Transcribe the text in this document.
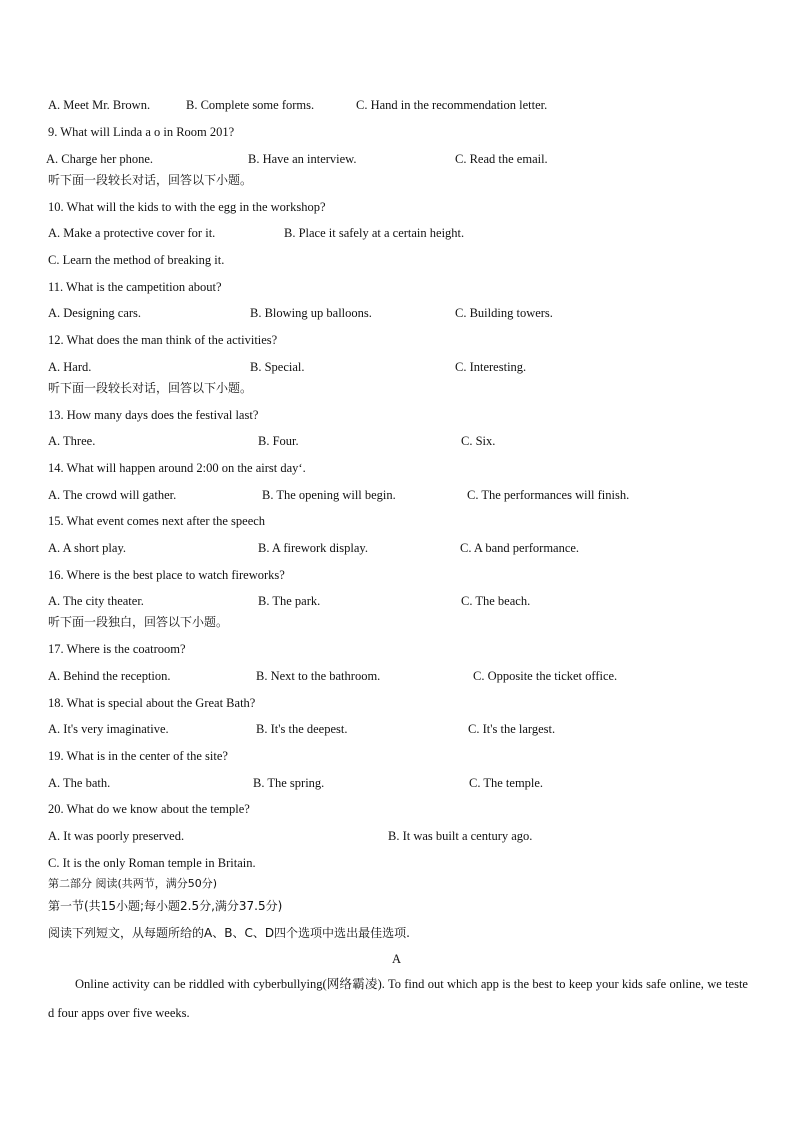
A. Meet Mr. Brown.	B. Complete some forms.	C. Hand in the recommendation letter.
9. What will Linda a o in Room 201?
A. Charge her phone.	B. Have an interview.	C. Read the email.
听下面一段较长对话，回答以下小题。
10. What will the kids to with the egg in the workshop?
A. Make a protective cover for it.	B. Place it safely at a certain height.
C. Learn the method of breaking it.
11. What is the campetition about?
A. Designing cars.	B. Blowing up balloons.	C. Building towers.
12. What does the man think of the activities?
A. Hard.	B. Special.	C. Interesting.
听下面一段较长对话，回答以下小题。
13. How many days does the festival last?
A. Three.	B. Four.	C. Six.
14. What will happen around 2:00 on the airst day‘.
A. The crowd will gather.	B. The opening will begin.	C. The performances will finish.
15. What event comes next after the speech
A. A short play.	B. A firework display.	C. A band performance.
16. Where is the best place to watch fireworks?
A. The city theater.	B. The park.	C. The beach.
听下面一段独白，回答以下小题。
17. Where is the coatroom?
A. Behind the reception.	B. Next to the bathroom.	C. Opposite the ticket office.
18. What is special about the Great Bath?
A. It's very imaginative.	B. It's the deepest.	C. It's the largest.
19. What is in the center of the site?
A. The bath.	B. The spring.	C. The temple.
20. What do we know about the temple?
A. It was poorly preserved.	B. It was built a century ago.
C. It is the only Roman temple in Britain.
第二部分 阅读(共两节，满分50分)
第一节(共15小题;每小题2.5分,满分37.5分)
阅读下列短文，从每题所给的A、B、C、D四个选项中选出最佳选项.
A
Online activity can be riddled with cyberbullying(网络霸凌). To find out which app is the best to keep your kids safe online, we tested four apps over five weeks.
